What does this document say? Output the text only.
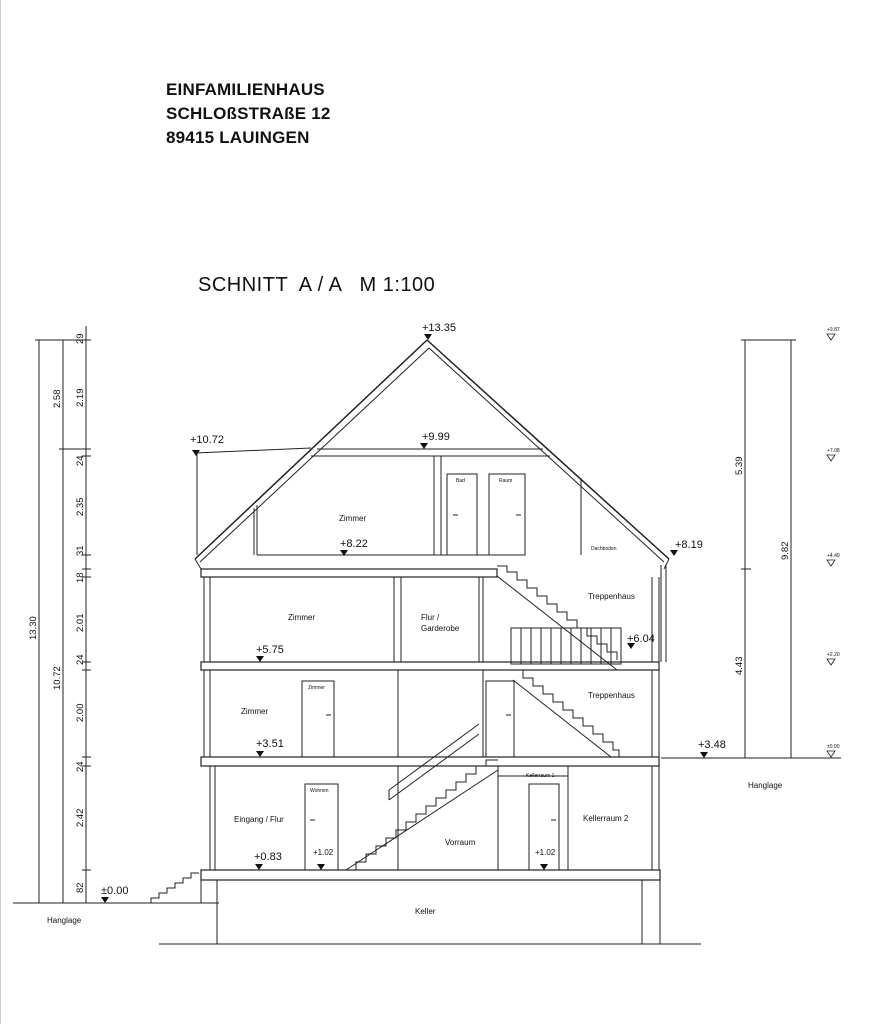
EINFAMILIENHAUS
SCHLOßSTRAßE 12
89415 LAUINGEN
SCHNITT  A / A   M 1:100
+13.35
+10.72	+9.99
+8.22	+8.19
+6.04
+5.75
+3.51	+3.48
+0.83	+1.02	+1.02
±0.00
Zimmer
Bad	Raum
Dachboden
Zimmer	Flur /
Garderobe
Treppenhaus
Zimmer
Zimmer
Treppenhaus
Eingang / Flur
Wohnen
Vorraum
Kellerraum 1
Kellerraum 2
Keller
Hanglage
Hanglage
13.30
10.72
2.58
29
2.19
24
2.35
31
18
2.01
24
2.00
24
2.42
82
5.39
4.43
9.82
+9.87
+7.08
+4.49
+2.20
±0.00
